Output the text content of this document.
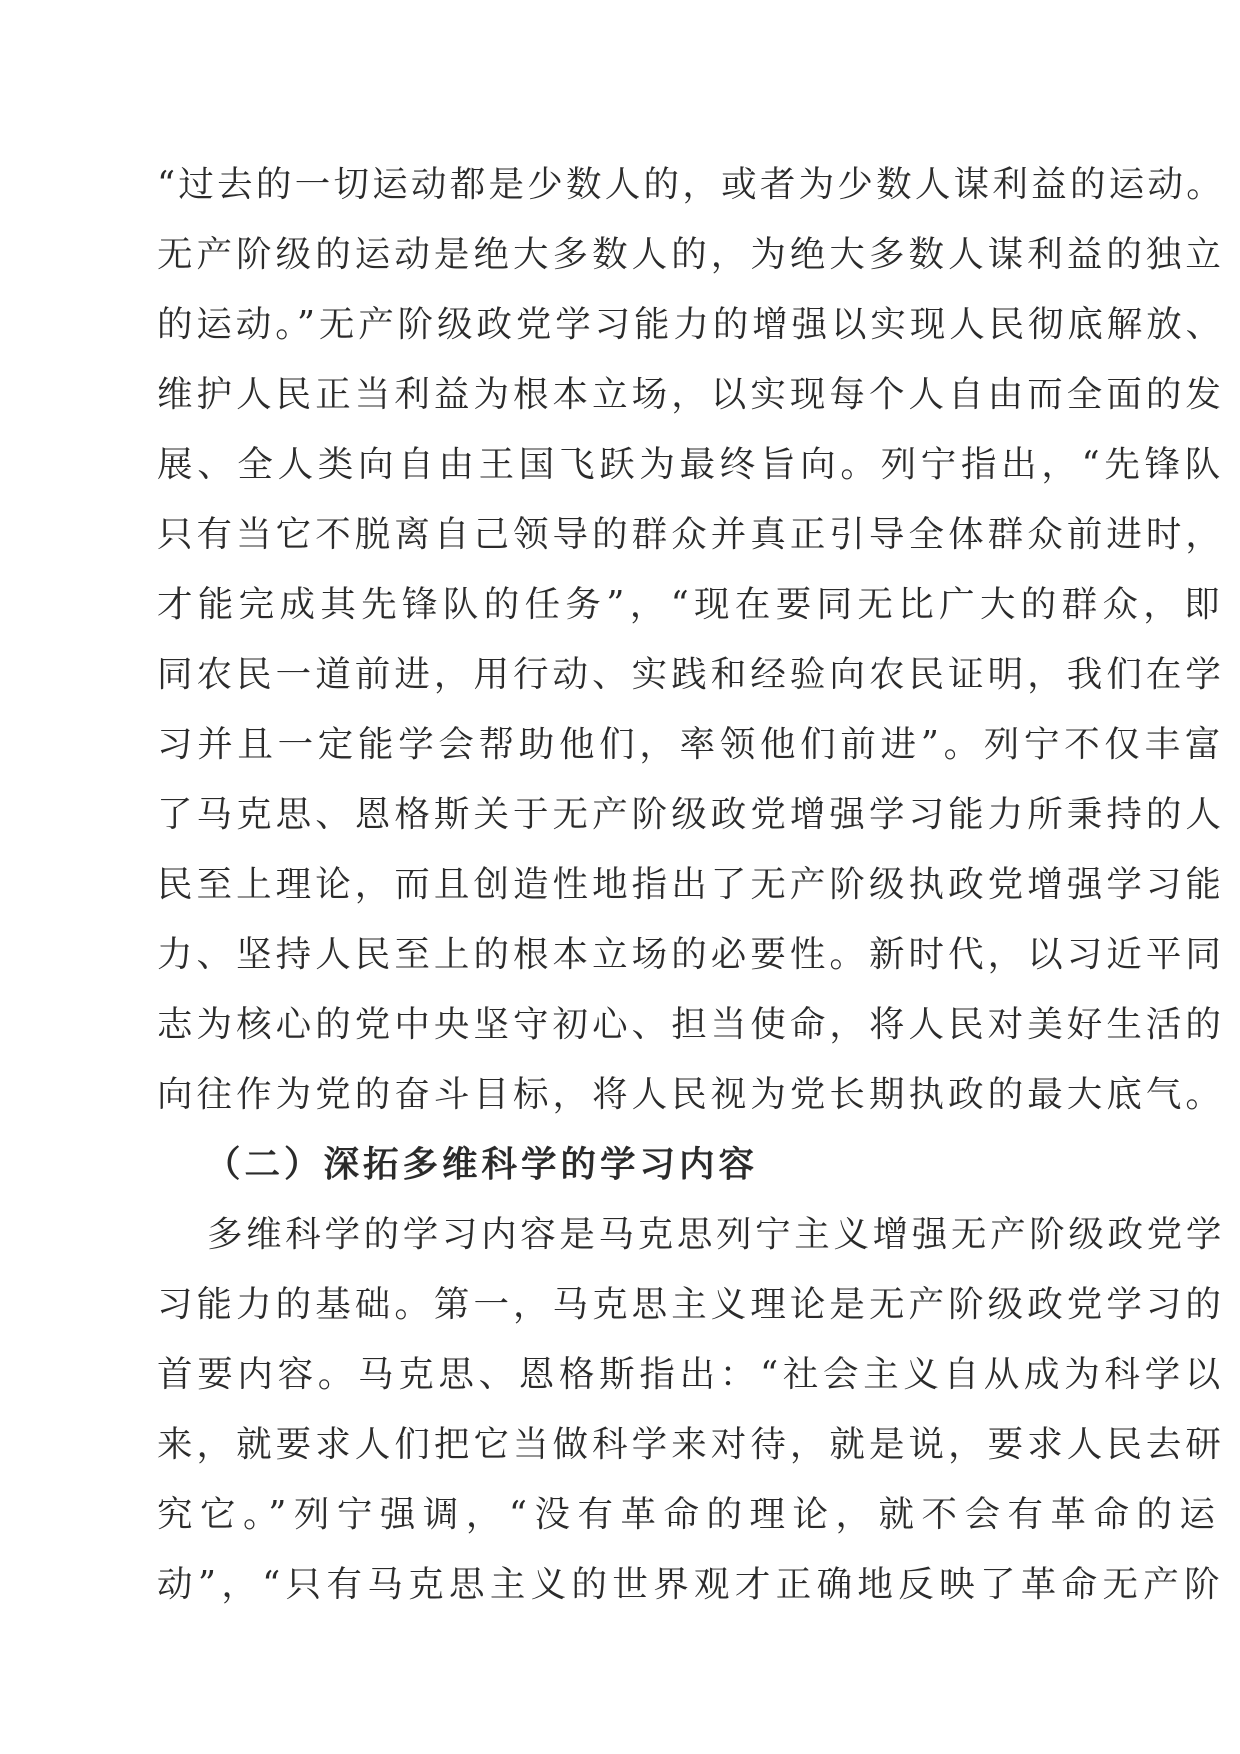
“过去的一切运动都是少数人的，或者为少数人谋利益的运动。
无产阶级的运动是绝大多数人的，为绝大多数人谋利益的独立
的运动。”无产阶级政党学习能力的增强以实现人民彻底解放、
维护人民正当利益为根本立场，以实现每个人自由而全面的发
展、全人类向自由王国飞跃为最终旨向。列宁指出，“先锋队
只有当它不脱离自己领导的群众并真正引导全体群众前进时，
才能完成其先锋队的任务”，“现在要同无比广大的群众，即
同农民一道前进，用行动、实践和经验向农民证明，我们在学
习并且一定能学会帮助他们，率领他们前进”。列宁不仅丰富
了马克思、恩格斯关于无产阶级政党增强学习能力所秉持的人
民至上理论，而且创造性地指出了无产阶级执政党增强学习能
力、坚持人民至上的根本立场的必要性。新时代，以习近平同
志为核心的党中央坚守初心、担当使命，将人民对美好生活的
向往作为党的奋斗目标，将人民视为党长期执政的最大底气。
（二）深拓多维科学的学习内容
多维科学的学习内容是马克思列宁主义增强无产阶级政党学
习能力的基础。第一，马克思主义理论是无产阶级政党学习的
首要内容。马克思、恩格斯指出：“社会主义自从成为科学以
来，就要求人们把它当做科学来对待，就是说，要求人民去研
究它。”列宁强调，“没有革命的理论，就不会有革命的运
动”，“只有马克思主义的世界观才正确地反映了革命无产阶
